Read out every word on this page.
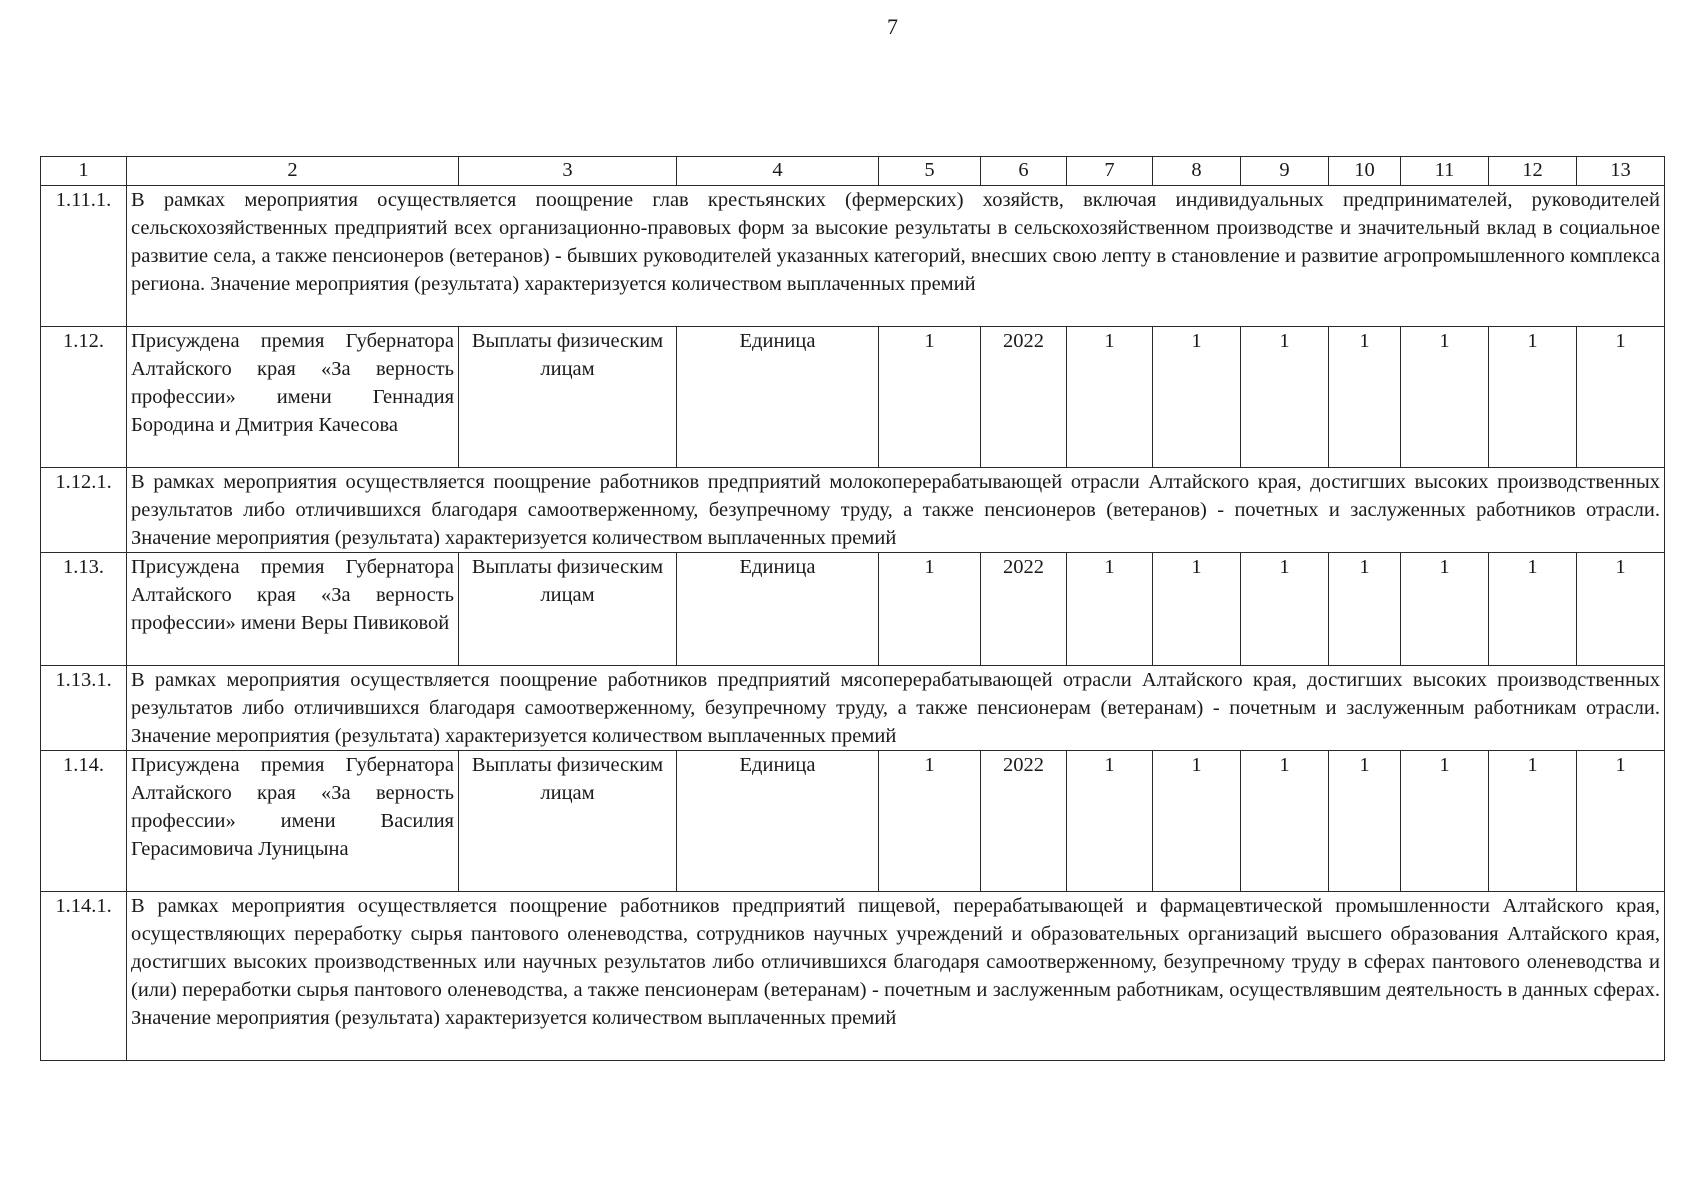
7
1	2	3	4	5	6	7	8	9	10	11	12	13
1.11.1.	В рамках мероприятия осуществляется поощрение глав крестьянских (фермерских) хозяйств, включая индивидуальных предпринимателей, руководителей сельскохозяйственных предприятий всех организационно-правовых форм за высокие результаты в сельскохозяйственном производстве и значительный вклад в социальное развитие села, а также пенсионеров (ветеранов) - бывших руководителей указанных категорий, внесших свою лепту в становление и развитие агропромышленного комплекса региона. Значение мероприятия (результата) характеризуется количеством выплаченных премий											
1.12.	Присуждена премия Губернатора Алтайского края «За верность профессии» имени Геннадия Бородина и Дмитрия Качесова	Выплаты физическим лицам	Единица	1	2022	1	1	1	1	1	1	1
1.12.1.	В рамках мероприятия осуществляется поощрение работников предприятий молокоперерабатывающей отрасли Алтайского края, достигших высоких производственных результатов либо отличившихся благодаря самоотверженному, безупречному труду, а также пенсионеров (ветеранов) - почетных и заслуженных работников отрасли. Значение мероприятия (результата) характеризуется количеством выплаченных премий											
1.13.	Присуждена премия Губернатора Алтайского края «За верность профессии» имени Веры Пивиковой	Выплаты физическим лицам	Единица	1	2022	1	1	1	1	1	1	1
1.13.1.	В рамках мероприятия осуществляется поощрение работников предприятий мясоперерабатывающей отрасли Алтайского края, достигших высоких производственных результатов либо отличившихся благодаря самоотверженному, безупречному труду, а также пенсионерам (ветеранам) - почетным и заслуженным работникам отрасли. Значение мероприятия (результата) характеризуется количеством выплаченных премий											
1.14.	Присуждена премия Губернатора Алтайского края «За верность профессии» имени Василия Герасимовича Луницына	Выплаты физическим лицам	Единица	1	2022	1	1	1	1	1	1	1
1.14.1.	В рамках мероприятия осуществляется поощрение работников предприятий пищевой, перерабатывающей и фармацевтической промышленности Алтайского края, осуществляющих переработку сырья пантового оленеводства, сотрудников научных учреждений и образовательных организаций высшего образования Алтайского края, достигших высоких производственных или научных результатов либо отличившихся благодаря самоотверженному, безупречному труду в сферах пантового оленеводства и (или) переработки сырья пантового оленеводства, а также пенсионерам (ветеранам) - почетным и заслуженным работникам, осуществлявшим деятельность в данных сферах. Значение мероприятия (результата) характеризуется количеством выплаченных премий											
